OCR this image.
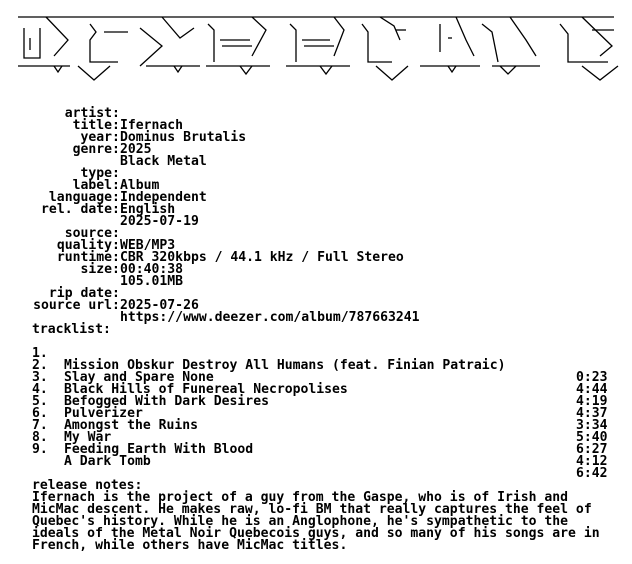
artist :

Ifernach

title :

Dominus Brutalis

year :

2025

genre :

Black Metal

type :

Album

label :

Independent

language :

English

rel. date :

2025-07-19

source :

WEB/MP3

quality :

CBR 320kbps / 44.1 kHz / Full Stereo

runtime :

00:40:38

size :

105.01MB

rip date :

2025-07-26

source url :

https://www.deezer.com/album/787663241

tracklist:

1.

Mission Obskur Destroy All Humans (feat. Finian Patraic)

0:23

2.

Slay and Spare None

4:44

3.

Black Hills of Funereal Necropolises

4:19

4.

Befogged With Dark Desires

4:37

5.

Pulverizer

3:34

6.

Amongst the Ruins

5:40

7.

My War

6:27

8.

Feeding Earth With Blood

4:12

9.

A Dark Tomb

6:42

release notes:

Ifernach is the project of a guy from the Gaspe, who is of Irish and
MicMac descent. He makes raw, lo-fi BM that really captures the feel of
Quebec's history. While he is an Anglophone, he's sympathetic to the
ideals of the Metal Noir Quebecois guys, and so many of his songs are in
French, while others have MicMac titles.
